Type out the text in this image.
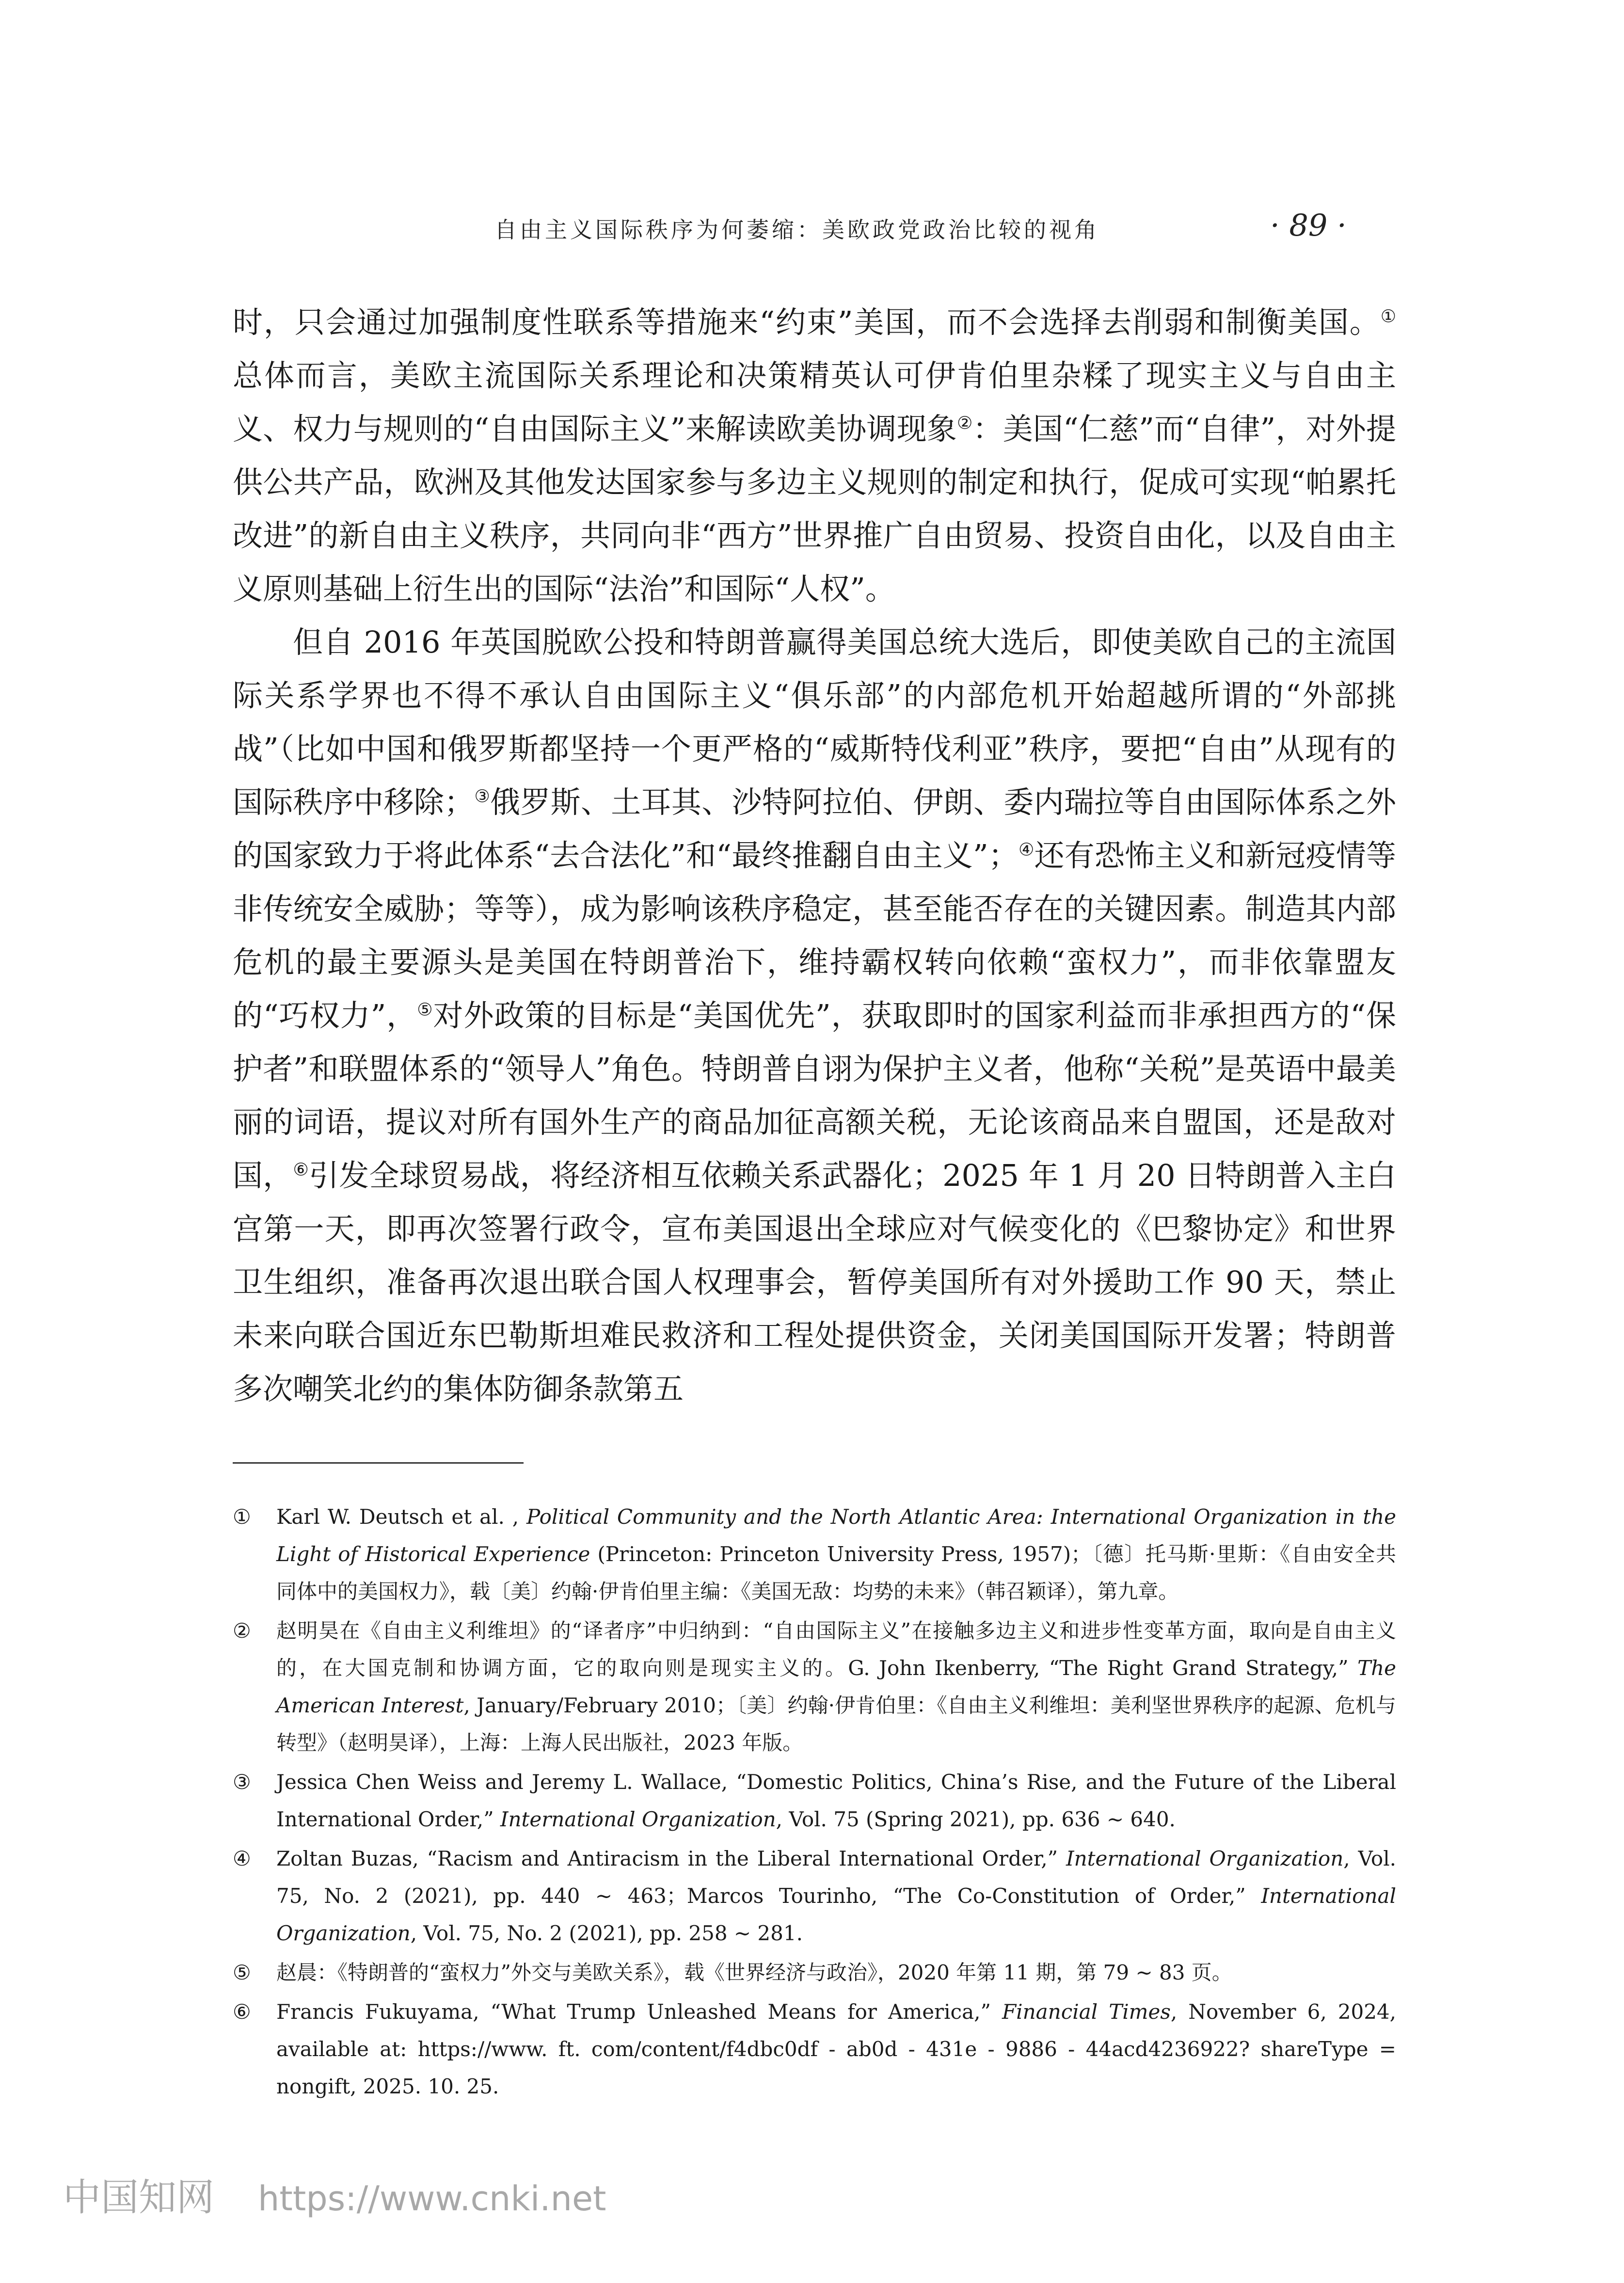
自由主义国际秩序为何萎缩：美欧政党政治比较的视角	· 89 ·

时，只会通过加强制度性联系等措施来“约束”美国，而不会选择去削弱和制衡美国。① 总体而言，美欧主流国际关系理论和决策精英认可伊肯伯里杂糅了现实主义与自由主义、权力与规则的“自由国际主义”来解读欧美协调现象②：美国“仁慈”而“自律”，对外提供公共产品，欧洲及其他发达国家参与多边主义规则的制定和执行，促成可实现“帕累托改进”的新自由主义秩序，共同向非“西方”世界推广自由贸易、投资自由化，以及自由主义原则基础上衍生出的国际“法治”和国际“人权”。

但自 2016 年英国脱欧公投和特朗普赢得美国总统大选后，即使美欧自己的主流国际关系学界也不得不承认自由国际主义“俱乐部”的内部危机开始超越所谓的“外部挑战”（比如中国和俄罗斯都坚持一个更严格的“威斯特伐利亚”秩序，要把“自由”从现有的国际秩序中移除；③俄罗斯、土耳其、沙特阿拉伯、伊朗、委内瑞拉等自由国际体系之外的国家致力于将此体系“去合法化”和“最终推翻自由主义”；④还有恐怖主义和新冠疫情等非传统安全威胁；等等），成为影响该秩序稳定，甚至能否存在的关键因素。制造其内部危机的最主要源头是美国在特朗普治下，维持霸权转向依赖“蛮权力”，而非依靠盟友的“巧权力”，⑤对外政策的目标是“美国优先”，获取即时的国家利益而非承担西方的“保护者”和联盟体系的“领导人”角色。特朗普自诩为保护主义者，他称“关税”是英语中最美丽的词语，提议对所有国外生产的商品加征高额关税，无论该商品来自盟国，还是敌对国，⑥引发全球贸易战，将经济相互依赖关系武器化；2025 年 1 月 20 日特朗普入主白宫第一天，即再次签署行政令，宣布美国退出全球应对气候变化的《巴黎协定》和世界卫生组织，准备再次退出联合国人权理事会，暂停美国所有对外援助工作 90 天，禁止未来向联合国近东巴勒斯坦难民救济和工程处提供资金，关闭美国国际开发署；特朗普多次嘲笑北约的集体防御条款第五

① Karl W. Deutsch et al. , Political Community and the North Atlantic Area: International Organization in the Light of Historical Experience (Princeton: Princeton University Press, 1957)；〔德〕托马斯·里斯：《自由安全共同体中的美国权力》，载〔美〕约翰·伊肯伯里主编：《美国无敌：均势的未来》（韩召颖译），第九章。
② 赵明昊在《自由主义利维坦》的“译者序”中归纳到：“自由国际主义”在接触多边主义和进步性变革方面，取向是自由主义的，在大国克制和协调方面，它的取向则是现实主义的。G. John Ikenberry, “The Right Grand Strategy,” The American Interest, January/February 2010；〔美〕约翰·伊肯伯里：《自由主义利维坦：美利坚世界秩序的起源、危机与转型》（赵明昊译），上海：上海人民出版社，2023 年版。
③ Jessica Chen Weiss and Jeremy L. Wallace, “Domestic Politics, China’s Rise, and the Future of the Liberal International Order,” International Organization, Vol. 75 (Spring 2021), pp. 636 ~ 640.
④ Zoltan Buzas, “Racism and Antiracism in the Liberal International Order,” International Organization, Vol. 75, No. 2 (2021), pp. 440 ~ 463；Marcos Tourinho, “The Co-Constitution of Order,” International Organization, Vol. 75, No. 2 (2021), pp. 258 ~ 281.
⑤ 赵晨：《特朗普的“蛮权力”外交与美欧关系》，载《世界经济与政治》，2020 年第 11 期，第 79 ~ 83 页。
⑥ Francis Fukuyama, “What Trump Unleashed Means for America,” Financial Times, November 6, 2024, available at: https://www. ft. com/content/f4dbc0df - ab0d - 431e - 9886 - 44acd4236922? shareType = nongift, 2025. 10. 25.
中国知网 https://www.cnki.net
